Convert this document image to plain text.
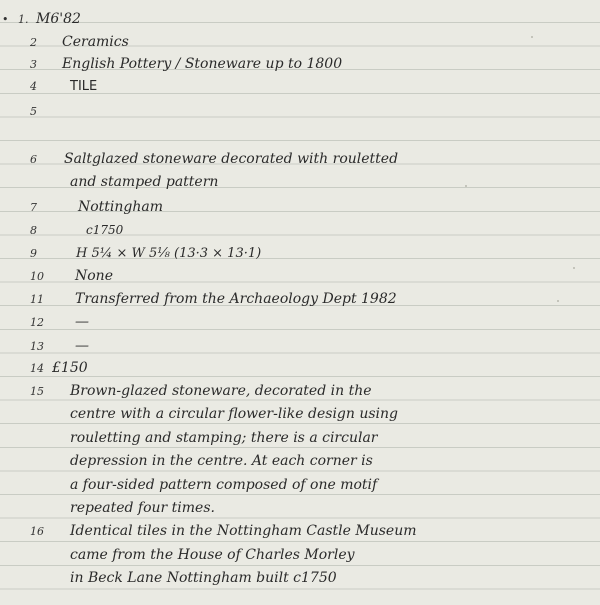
• 1. M6'82
2	Ceramics
3	English Pottery / Stoneware up to 1800
4	TILE
5
6	Saltglazed stoneware decorated with rouletted
and stamped pattern
7	Nottingham
8	c1750
9	H 5¼ × W 5⅛ (13·3 × 13·1)
10	None
11	Transferred from the Archaeology Dept 1982
12	—
13	—
14 £150
15	Brown-glazed stoneware, decorated in the
centre with a circular flower-like design using
rouletting and stamping; there is a circular
depression in the centre. At each corner is
a four-sided pattern composed of one motif
repeated four times.
16	Identical tiles in the Nottingham Castle Museum
came from the House of Charles Morley
in Beck Lane Nottingham built c1750
